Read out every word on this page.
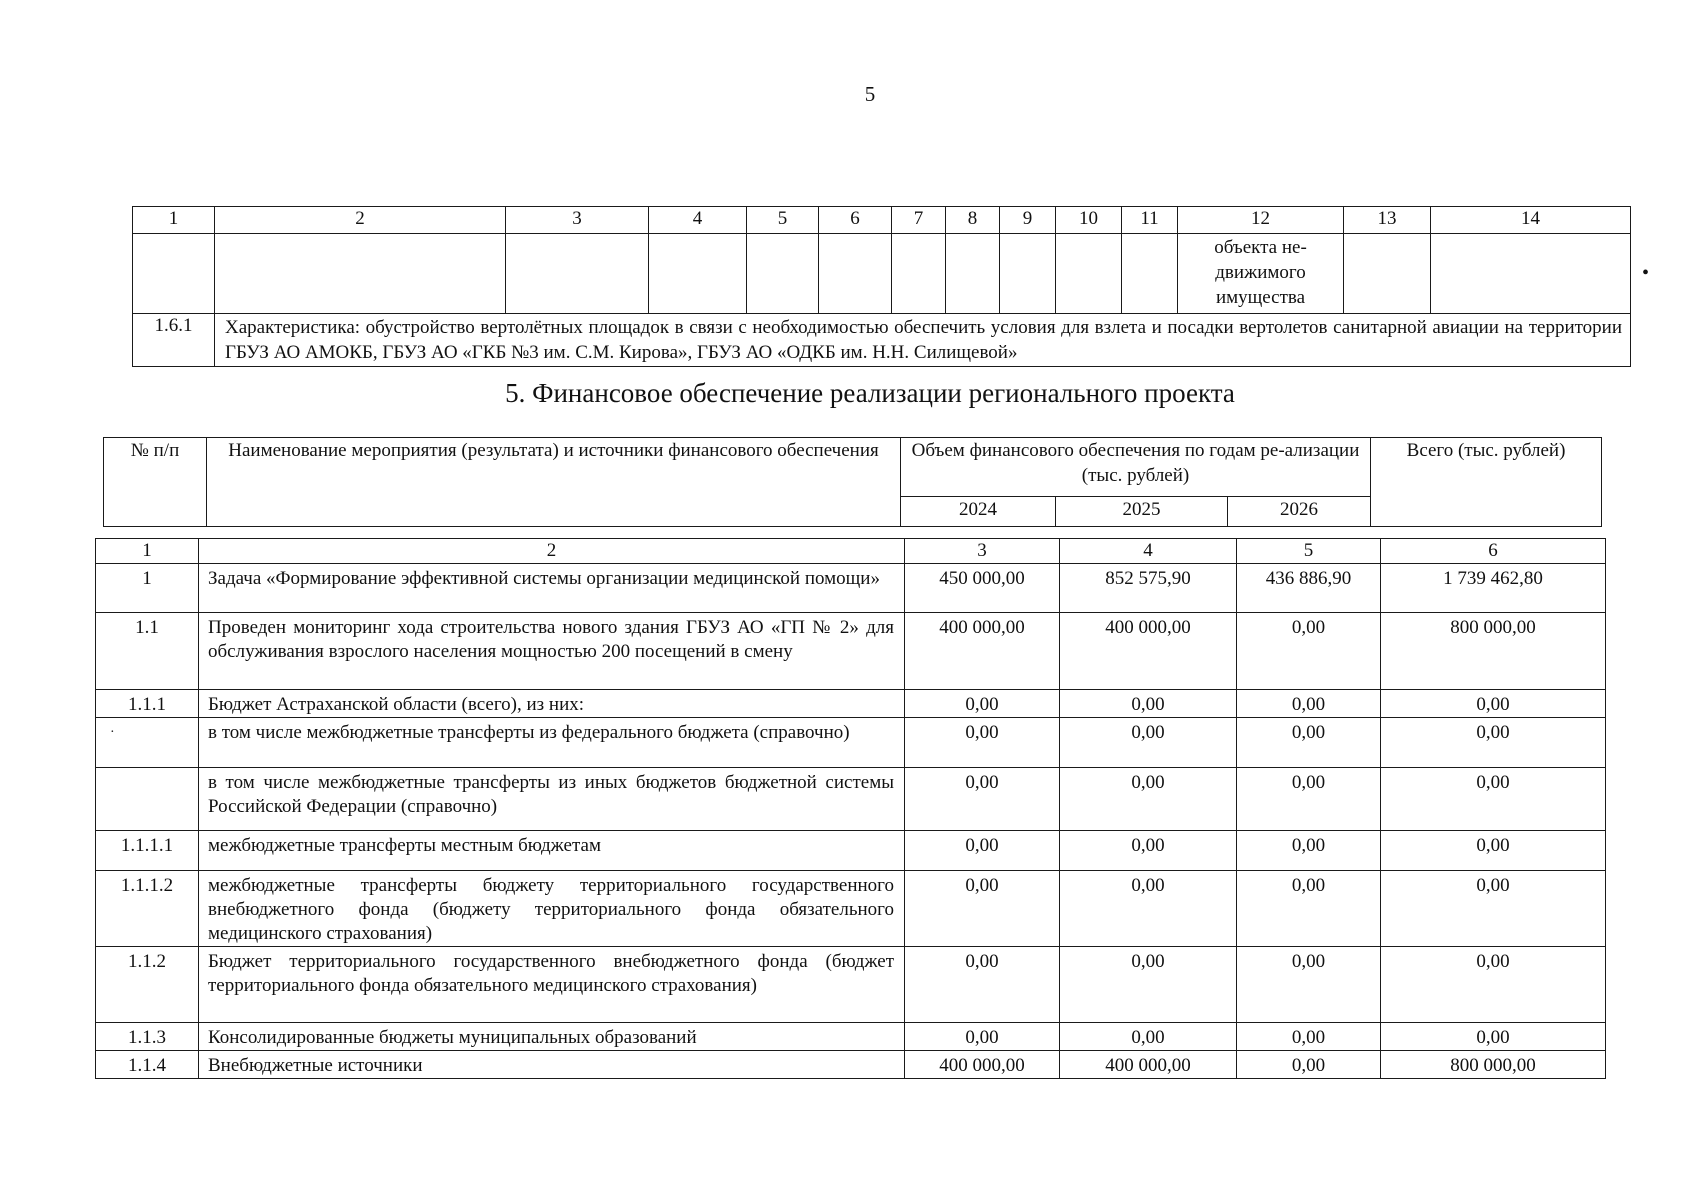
5
1	2	3	4	5	6	7	8	9	10	11	12	13	14
											объекта не-
движимого
имущества		
1.6.1	Характеристика: обустройство вертолётных площадок в связи с необходимостью обеспечить условия для взлета и посадки вертолетов санитарной авиации на территории ГБУЗ АО АМОКБ, ГБУЗ АО «ГКБ №3 им. С.М. Кирова», ГБУЗ АО «ОДКБ им. Н.Н. Силищевой»												
•
5. Финансовое обеспечение реализации регионального проекта
№ п/п	Наименование мероприятия (результата) и источники финансового обеспечения	Объем финансового обеспечения по годам ре-ализации (тыс. рублей)			Всего (тыс. рублей)
		2024	2025	2026	
1	2	3	4	5	6
1	Задача «Формирование эффективной системы организации медицинской помощи»	450 000,00	852 575,90	436 886,90	1 739 462,80
1.1	Проведен мониторинг хода строительства нового здания ГБУЗ АО «ГП № 2» для обслуживания взрослого населения мощностью 200 посещений в смену	400 000,00	400 000,00	0,00	800 000,00
1.1.1	Бюджет Астраханской области (всего), из них:	0,00	0,00	0,00	0,00
	в том числе межбюджетные трансферты из федерального бюджета (справочно)	0,00	0,00	0,00	0,00
	в том числе межбюджетные трансферты из иных бюджетов бюджетной системы Российской Федерации (справочно)	0,00	0,00	0,00	0,00
1.1.1.1	межбюджетные трансферты местным бюджетам	0,00	0,00	0,00	0,00
1.1.1.2	межбюджетные трансферты бюджету территориального государственного внебюджетного фонда (бюджету территориального фонда обязательного медицинского страхования)	0,00	0,00	0,00	0,00
1.1.2	Бюджет территориального государственного внебюджетного фонда (бюджет территориального фонда обязательного медицинского страхования)	0,00	0,00	0,00	0,00
1.1.3	Консолидированные бюджеты муниципальных образований	0,00	0,00	0,00	0,00
1.1.4	Внебюджетные источники	400 000,00	400 000,00	0,00	800 000,00
·
